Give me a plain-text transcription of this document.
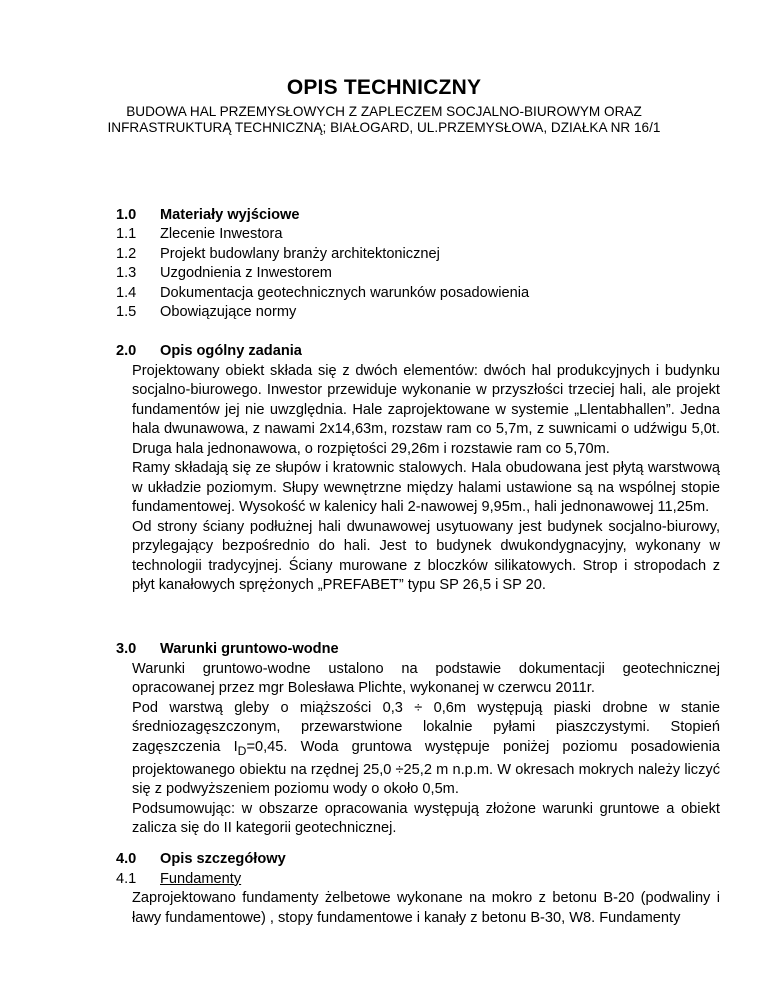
OPIS TECHNICZNY
BUDOWA HAL PRZEMYSŁOWYCH Z ZAPLECZEM SOCJALNO-BIUROWYM ORAZ INFRASTRUKTURĄ TECHNICZNĄ; BIAŁOGARD, UL.PRZEMYSŁOWA, DZIAŁKA NR 16/1
1.0	Materiały wyjściowe
1.1	Zlecenie Inwestora
1.2	Projekt budowlany branży architektonicznej
1.3	Uzgodnienia z Inwestorem
1.4	Dokumentacja geotechnicznych warunków posadowienia
1.5	Obowiązujące normy
2.0	Opis ogólny zadania

Projektowany obiekt składa się z dwóch elementów: dwóch hal produkcyjnych i budynku socjalno-biurowego. Inwestor przewiduje wykonanie w przyszłości trzeciej hali, ale projekt fundamentów jej nie uwzględnia. Hale zaprojektowane w systemie „Llentabhallen”. Jedna hala dwunawowa, z nawami 2x14,63m, rozstaw ram co 5,7m, z suwnicami o udźwigu 5,0t. Druga hala jednonawowa, o rozpiętości 29,26m i rozstawie ram co 5,70m.

Ramy składają się ze słupów i kratownic stalowych. Hala obudowana jest płytą warstwową w układzie poziomym. Słupy wewnętrzne między halami ustawione są na wspólnej stopie fundamentowej. Wysokość w kalenicy hali 2-nawowej 9,95m., hali jednonawowej 11,25m.

Od strony ściany podłużnej hali dwunawowej usytuowany jest budynek socjalno-biurowy, przylegający bezpośrednio do hali. Jest to budynek dwukondygnacyjny, wykonany w technologii tradycyjnej. Ściany murowane z bloczków silikatowych. Strop i stropodach z płyt kanałowych sprężonych „PREFABET” typu SP 26,5 i SP 20.

3.0	Warunki gruntowo-wodne

Warunki gruntowo-wodne ustalono na podstawie dokumentacji geotechnicznej opracowanej przez mgr Bolesława Plichte, wykonanej w czerwcu 2011r.

Pod warstwą gleby o miąższości 0,3 ÷ 0,6m występują piaski drobne w stanie średniozagęszczonym, przewarstwione lokalnie pyłami piaszczystymi. Stopień zagęszczenia $I_D=0,45$. Woda gruntowa występuje poniżej poziomu posadowienia projektowanego obiektu na rzędnej 25,0 ÷25,2 m n.p.m. W okresach mokrych należy liczyć się z podwyższeniem poziomu wody o około 0,5m.

Podsumowując: w obszarze opracowania występują złożone warunki gruntowe a obiekt zalicza się do II kategorii geotechnicznej.

4.0	Opis szczegółowy
4.1	Fundamenty

Zaprojektowano fundamenty żelbetowe wykonane na mokro z betonu B-20 (podwaliny i ławy fundamentowe) , stopy fundamentowe i kanały z betonu B-30, W8. Fundamenty
